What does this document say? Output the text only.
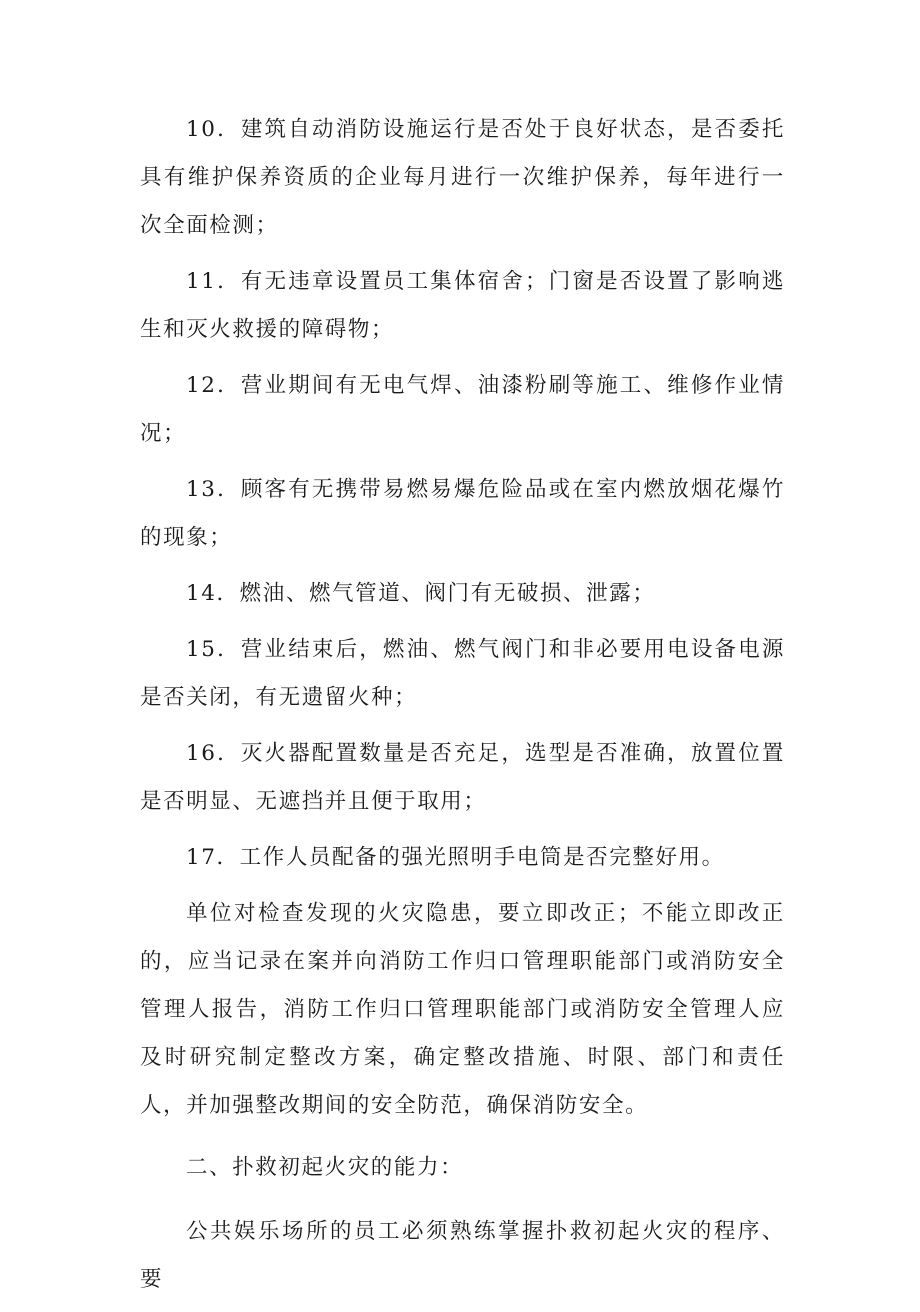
10．建筑自动消防设施运行是否处于良好状态，是否委托具有维护保养资质的企业每月进行一次维护保养，每年进行一次全面检测；

11．有无违章设置员工集体宿舍；门窗是否设置了影响逃生和灭火救援的障碍物；

12．营业期间有无电气焊、油漆粉刷等施工、维修作业情况；

13．顾客有无携带易燃易爆危险品或在室内燃放烟花爆竹的现象；

14．燃油、燃气管道、阀门有无破损、泄露；

15．营业结束后，燃油、燃气阀门和非必要用电设备电源是否关闭，有无遗留火种；

16．灭火器配置数量是否充足，选型是否准确，放置位置是否明显、无遮挡并且便于取用；

17．工作人员配备的强光照明手电筒是否完整好用。

单位对检查发现的火灾隐患，要立即改正；不能立即改正的，应当记录在案并向消防工作归口管理职能部门或消防安全管理人报告，消防工作归口管理职能部门或消防安全管理人应及时研究制定整改方案，确定整改措施、时限、部门和责任人，并加强整改期间的安全防范，确保消防安全。

二、扑救初起火灾的能力：

公共娱乐场所的员工必须熟练掌握扑救初起火灾的程序、要
